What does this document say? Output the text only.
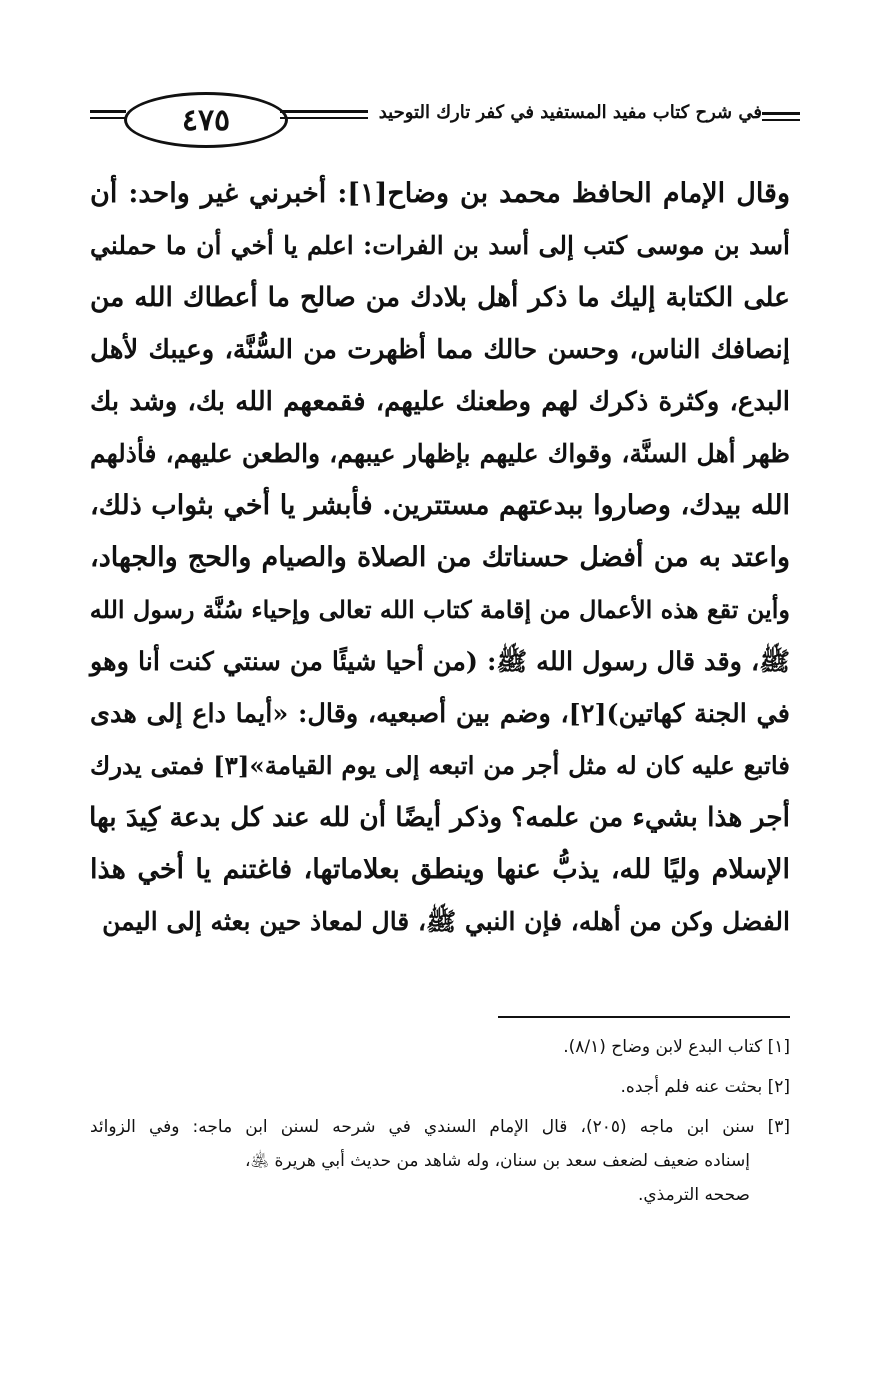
٤٧٥	في شرح كتاب مفيد المستفيد في كفر تارك التوحيد
وقال الإمام الحافظ محمد بن وضاح[١]: أخبرني غير واحد: أن
أسد بن موسى كتب إلى أسد بن الفرات: اعلم يا أخي أن ما حملني
على الكتابة إليك ما ذكر أهل بلادك من صالح ما أعطاك الله من
إنصافك الناس، وحسن حالك مما أظهرت من السُّنَّة، وعيبك لأهل
البدع، وكثرة ذكرك لهم وطعنك عليهم، فقمعهم الله بك، وشد بك
ظهر أهل السنَّة، وقواك عليهم بإظهار عيبهم، والطعن عليهم، فأذلهم
الله بيدك، وصاروا ببدعتهم مستترين. فأبشر يا أخي بثواب ذلك،
واعتد به من أفضل حسناتك من الصلاة والصيام والحج والجهاد،
وأين تقع هذه الأعمال من إقامة كتاب الله تعالى وإحياء سُنَّة رسول الله
ﷺ، وقد قال رسول الله ﷺ: (من أحيا شيئًا من سنتي كنت أنا وهو
في الجنة كهاتين)[٢]، وضم بين أصبعيه، وقال: «أيما داع إلى هدى
فاتبع عليه كان له مثل أجر من اتبعه إلى يوم القيامة»[٣] فمتى يدرك
أجر هذا بشيء من علمه؟ وذكر أيضًا أن لله عند كل بدعة كِيدَ بها
الإسلام وليًا لله، يذبُّ عنها وينطق بعلاماتها، فاغتنم يا أخي هذا
الفضل وكن من أهله، فإن النبي ﷺ، قال لمعاذ حين بعثه إلى اليمن
[١] كتاب البدع لابن وضاح (٨/١).
[٢] بحثت عنه فلم أجده.
[٣] سنن ابن ماجه (٢٠٥)، قال الإمام السندي في شرحه لسنن ابن ماجه: وفي الزوائد
إسناده ضعيف لضعف سعد بن سنان، وله شاهد من حديث أبي هريرة ﵁،
صححه الترمذي.
